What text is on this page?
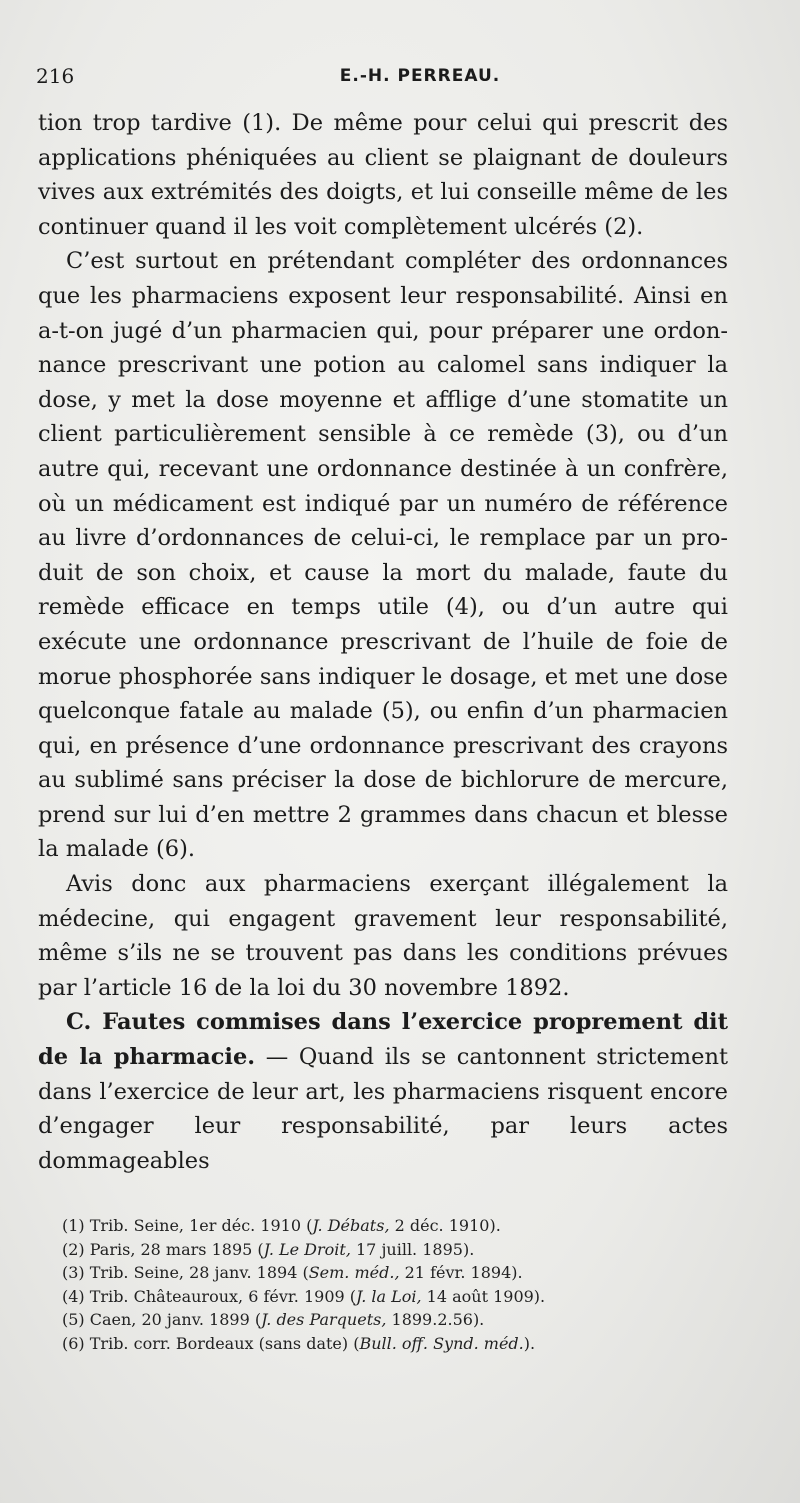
216	E.-H. PERREAU.

tion trop tardive (1). De même pour celui qui prescrit des applications phéniquées au client se plaignant de douleurs vives aux extrémités des doigts, et lui conseille même de les continuer quand il les voit complètement ulcérés (2).

C’est surtout en prétendant compléter des ordonnances que les pharmaciens exposent leur responsabilité. Ainsi en a-t-on jugé d’un pharmacien qui, pour préparer une ordonnance prescrivant une potion au calomel sans indiquer la dose, y met la dose moyenne et afflige d’une stomatite un client particulièrement sensible à ce remède (3), ou d’un autre qui, recevant une ordonnance destinée à un confrère, où un médicament est indiqué par un numéro de référence au livre d’ordonnances de celui-ci, le remplace par un produit de son choix, et cause la mort du malade, faute du remède efficace en temps utile (4), ou d’un autre qui exécute une ordonnance prescrivant de l’huile de foie de morue phosphorée sans indiquer le dosage, et met une dose quelconque fatale au malade (5), ou enfin d’un pharmacien qui, en présence d’une ordonnance prescrivant des crayons au sublimé sans préciser la dose de bichlorure de mercure, prend sur lui d’en mettre 2 grammes dans chacun et blesse la malade (6).

Avis donc aux pharmaciens exerçant illégalement la médecine, qui engagent gravement leur responsabilité, même s’ils ne se trouvent pas dans les conditions prévues par l’article 16 de la loi du 30 novembre 1892.

C. Fautes commises dans l’exercice proprement dit de la pharmacie. — Quand ils se cantonnent strictement dans l’exercice de leur art, les pharmaciens risquent encore d’engager leur responsabilité, par leurs actes dommageables

(1) Trib. Seine, 1er déc. 1910 (J. Débats, 2 déc. 1910).
(2) Paris, 28 mars 1895 (J. Le Droit, 17 juill. 1895).
(3) Trib. Seine, 28 janv. 1894 (Sem. méd., 21 févr. 1894).
(4) Trib. Châteauroux, 6 févr. 1909 (J. la Loi, 14 août 1909).
(5) Caen, 20 janv. 1899 (J. des Parquets, 1899.2.56).
(6) Trib. corr. Bordeaux (sans date) (Bull. off. Synd. méd.).
